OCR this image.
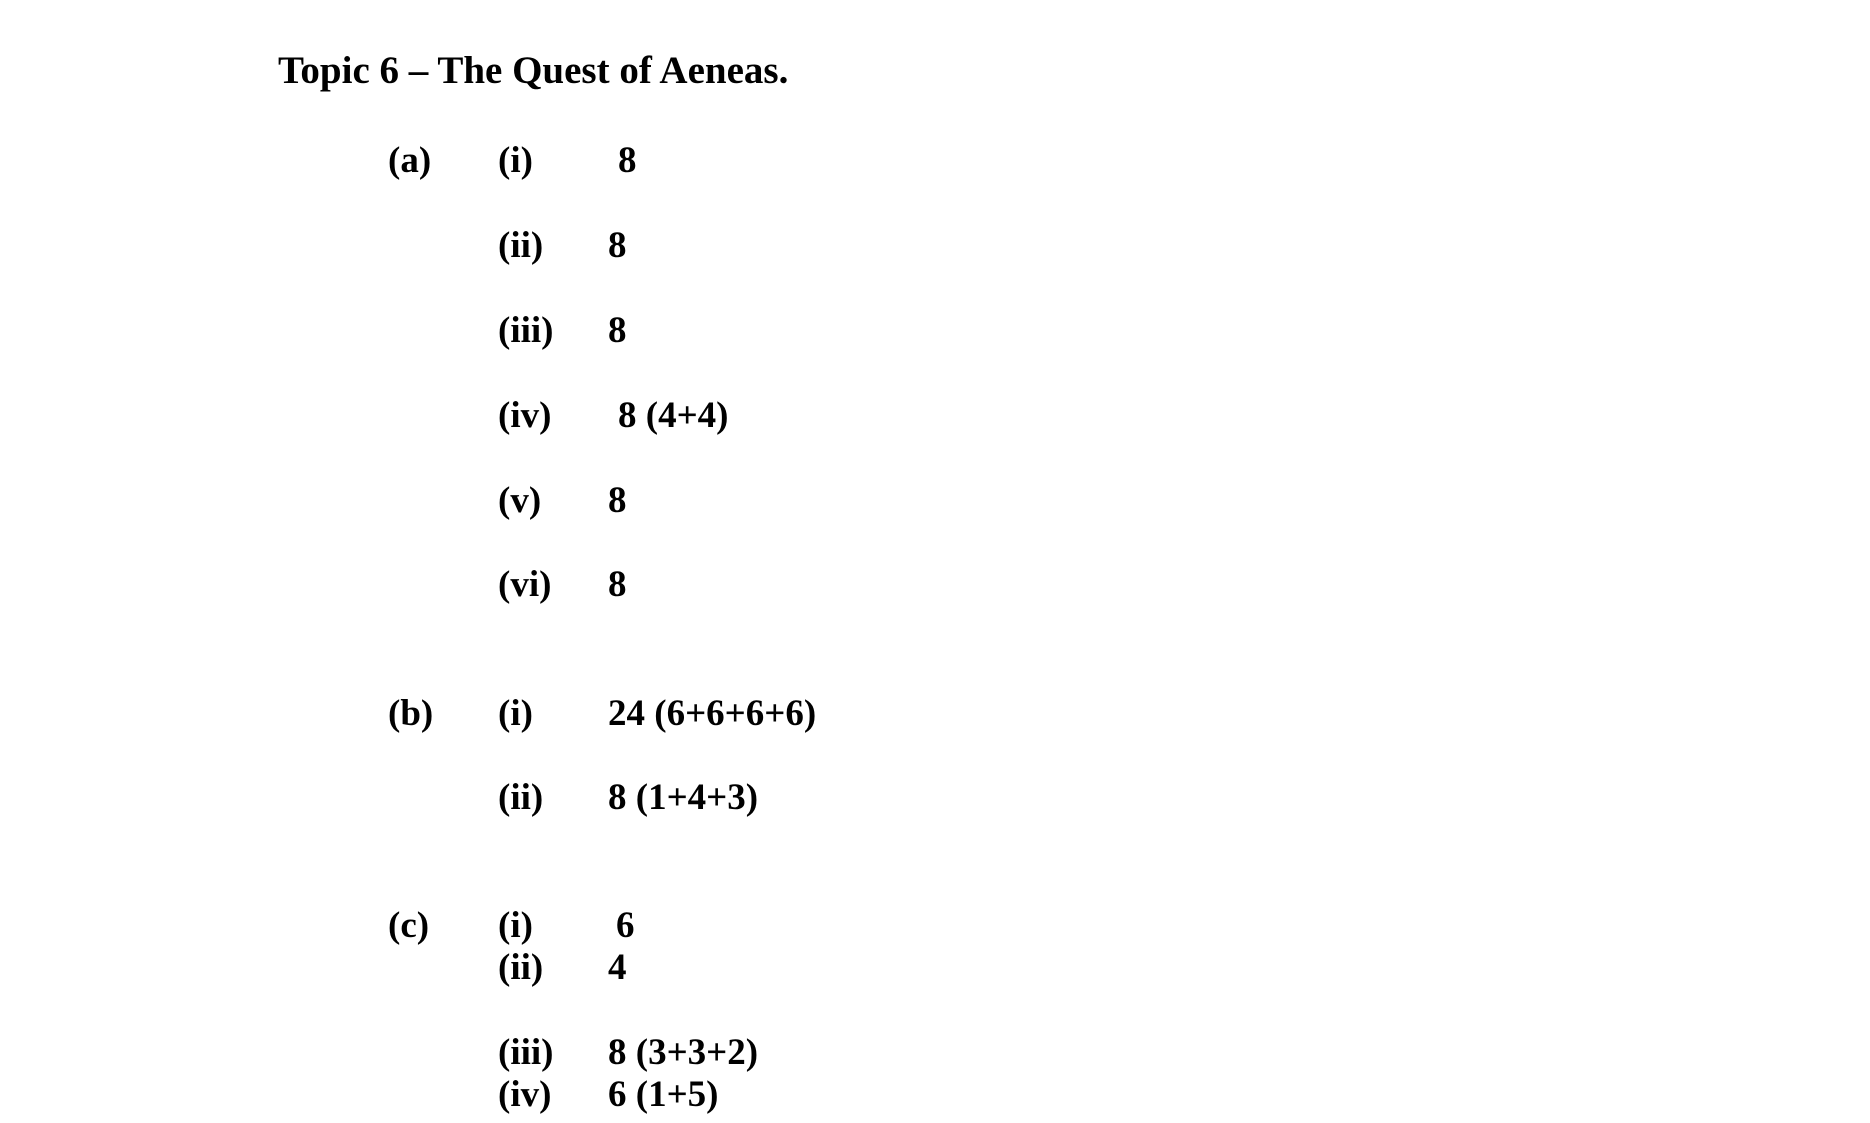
Topic 6 – The Quest of Aeneas.
(a) (i) 8
(ii) 8
(iii) 8
(iv) 8 (4+4)
(v) 8
(vi) 8
(b) (i) 24 (6+6+6+6)
(ii) 8 (1+4+3)
(c) (i) 6
(ii) 4
(iii) 8 (3+3+2)
(iv) 6 (1+5)
